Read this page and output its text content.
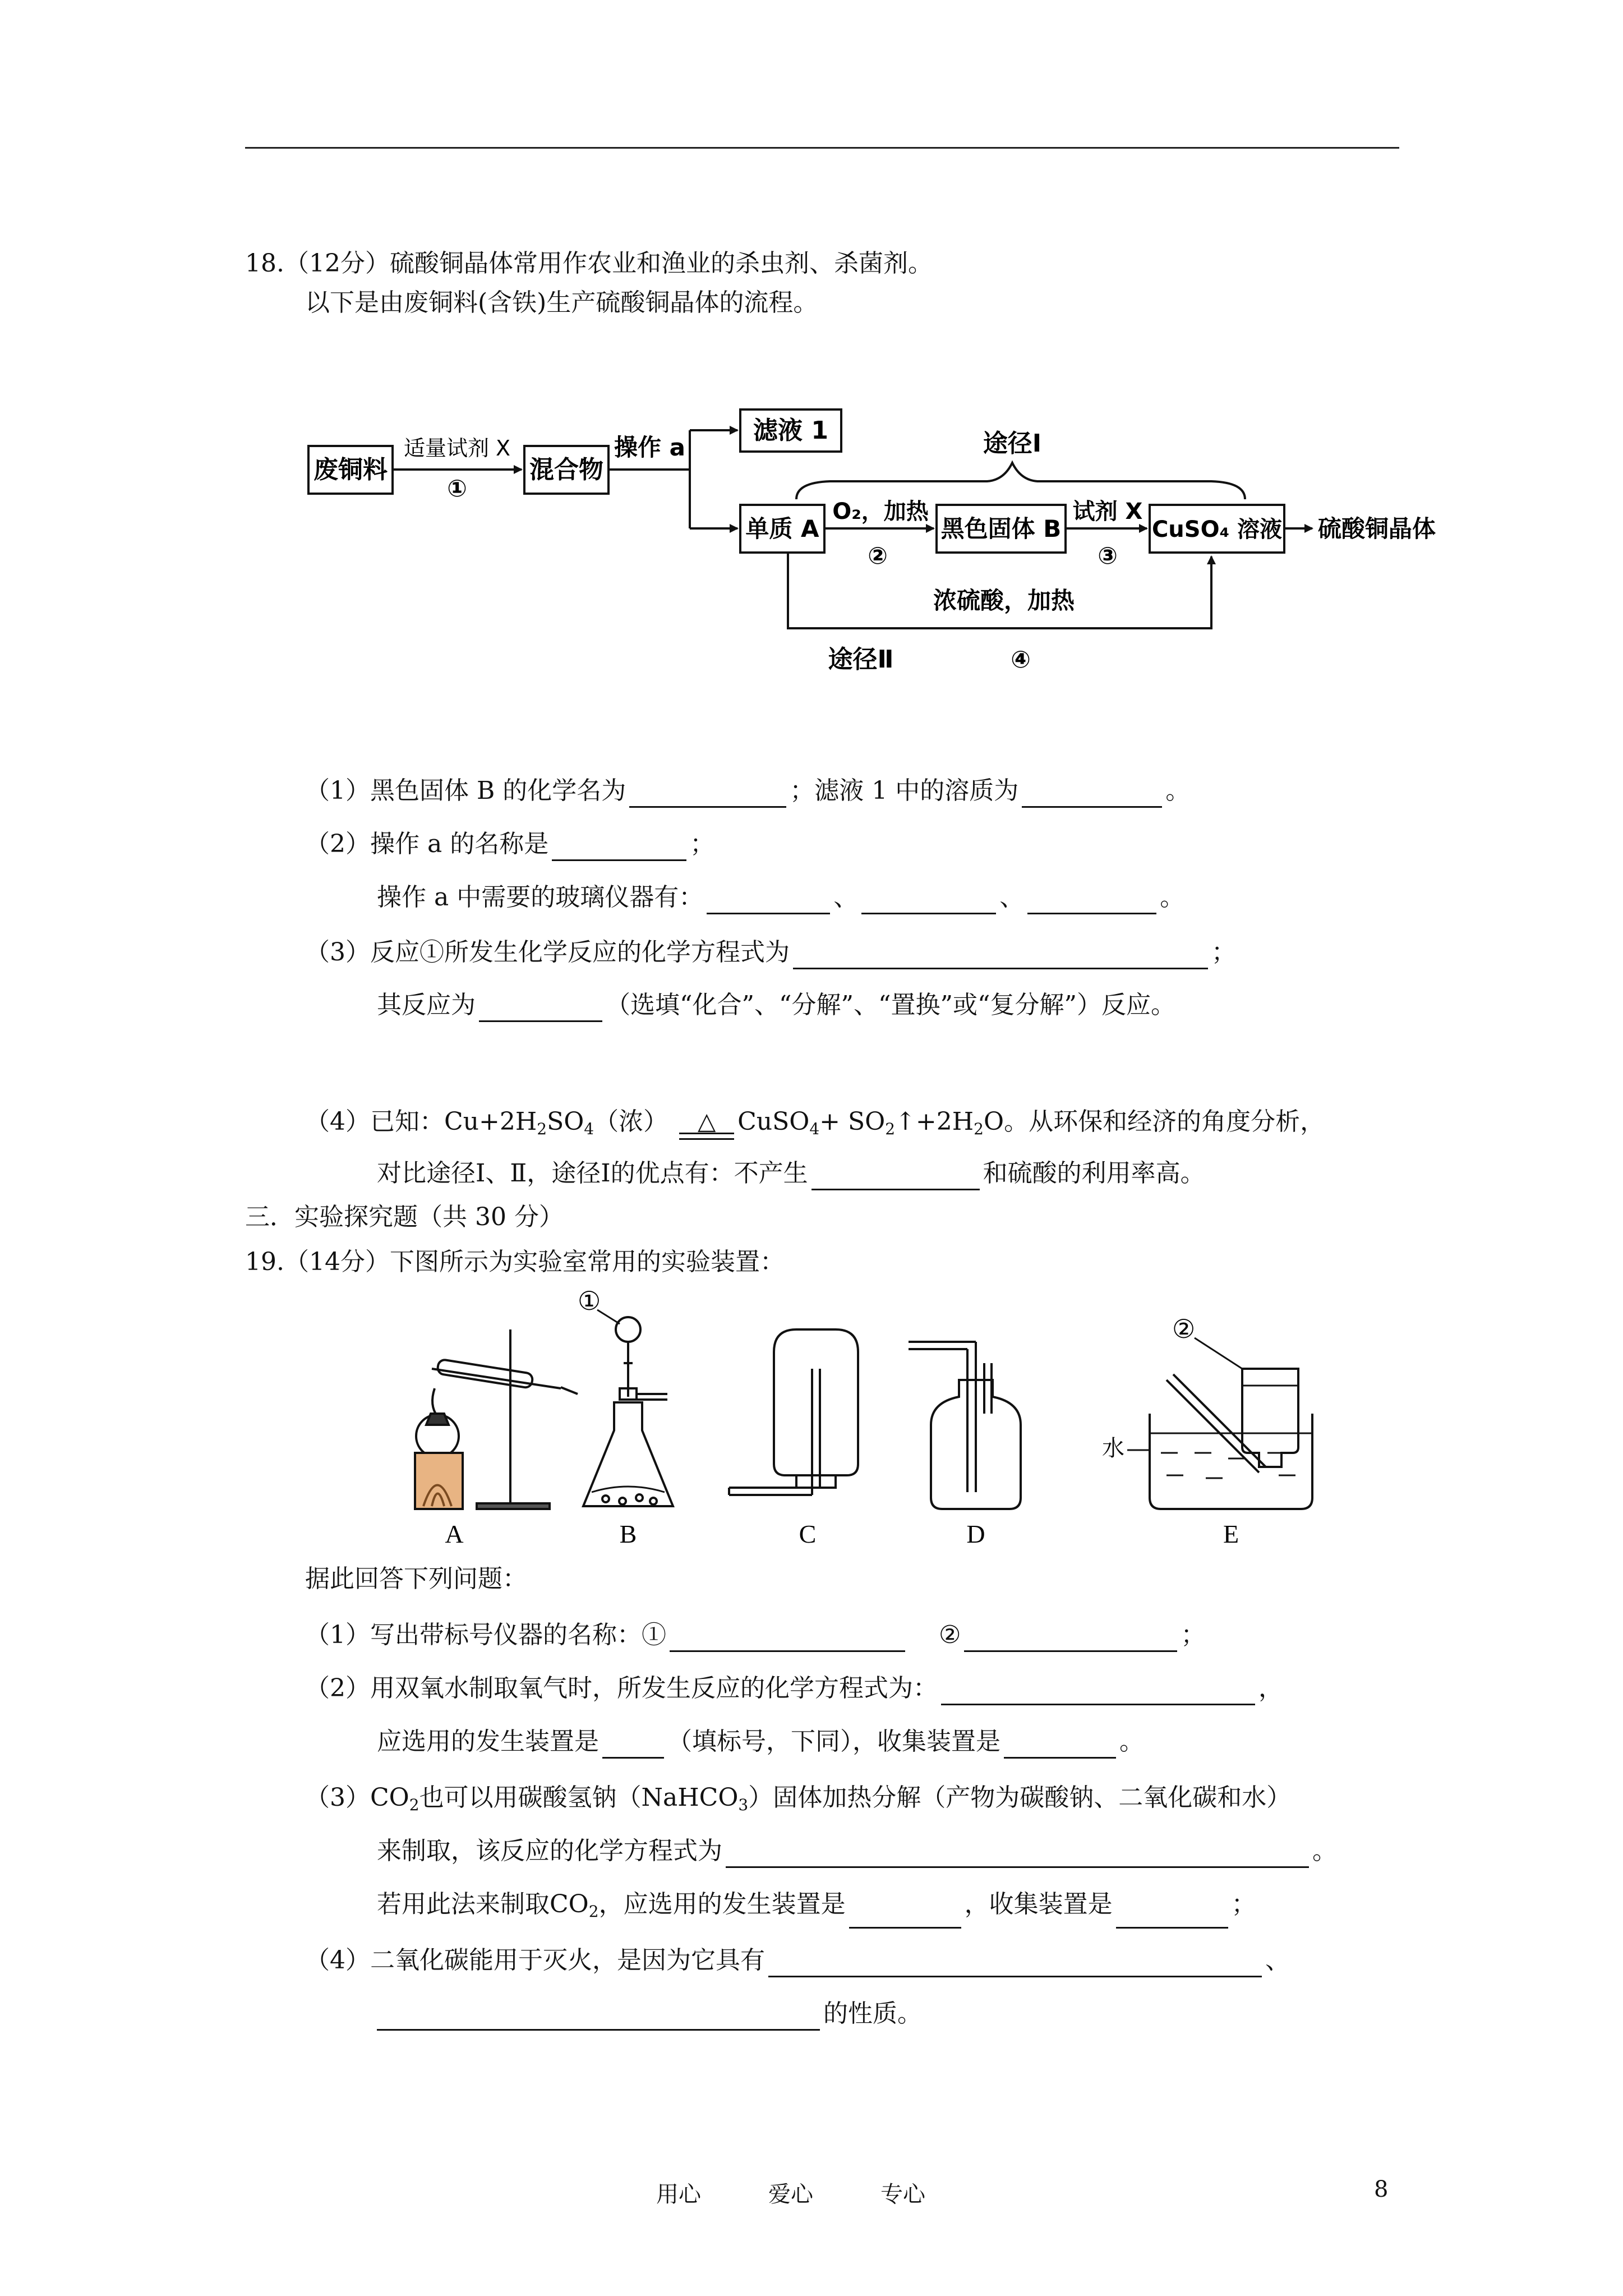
18.（12分）硫酸铜晶体常用作农业和渔业的杀虫剂、杀菌剂。
以下是由废铜料(含铁)生产硫酸铜晶体的流程。
废铜料
适量试剂 X
①
混合物
操作 a
滤液 1	途径Ⅰ
单质 A
O₂，加热
②
黑色固体 B
试剂 X
③
CuSO₄ 溶液 硫酸铜晶体
浓硫酸，加热
途径Ⅱ	④
（1）黑色固体 B 的化学名为	；滤液 1 中的溶质为	。
（2）操作 a 的名称是	；
操作 a 中需要的玻璃仪器有：	、	、	。
（3）反应①所发生化学反应的化学方程式为	；
其反应为	（选填“化合”、“分解”、“置换”或“复分解”）反应。
（4）已知：$Cu+2H_2SO_4$（浓）	△ CuSO$_4$+ $SO_2↑+2H_2O$。从环保和经济的角度分析，
对比途径Ⅰ、Ⅱ，途径Ⅰ的优点有：不产生	和硫酸的利用率高。
三．实验探究题（共 30 分）
19.（14分）下图所示为实验室常用的实验装置：
A
①
B	C	D
②
水
E
据此回答下列问题：
（1）写出带标号仪器的名称：①	②	；
（2）用双氧水制取氧气时，所发生反应的化学方程式为：	，
应选用的发生装置是	（填标号，下同），收集装置是	。
$(3)CO_2$也可以用碳酸氢钠（NaHCO$_3$）固体加热分解（产物为碳酸钠、二氧化碳和水）
来制取，该反应的化学方程式为	。
若用此法来制取$CO_2$，应选用的发生装置是	，收集装置是	；
（4）二氧化碳能用于灭火，是因为它具有	、
的性质。
用心	爱心	专心	8
